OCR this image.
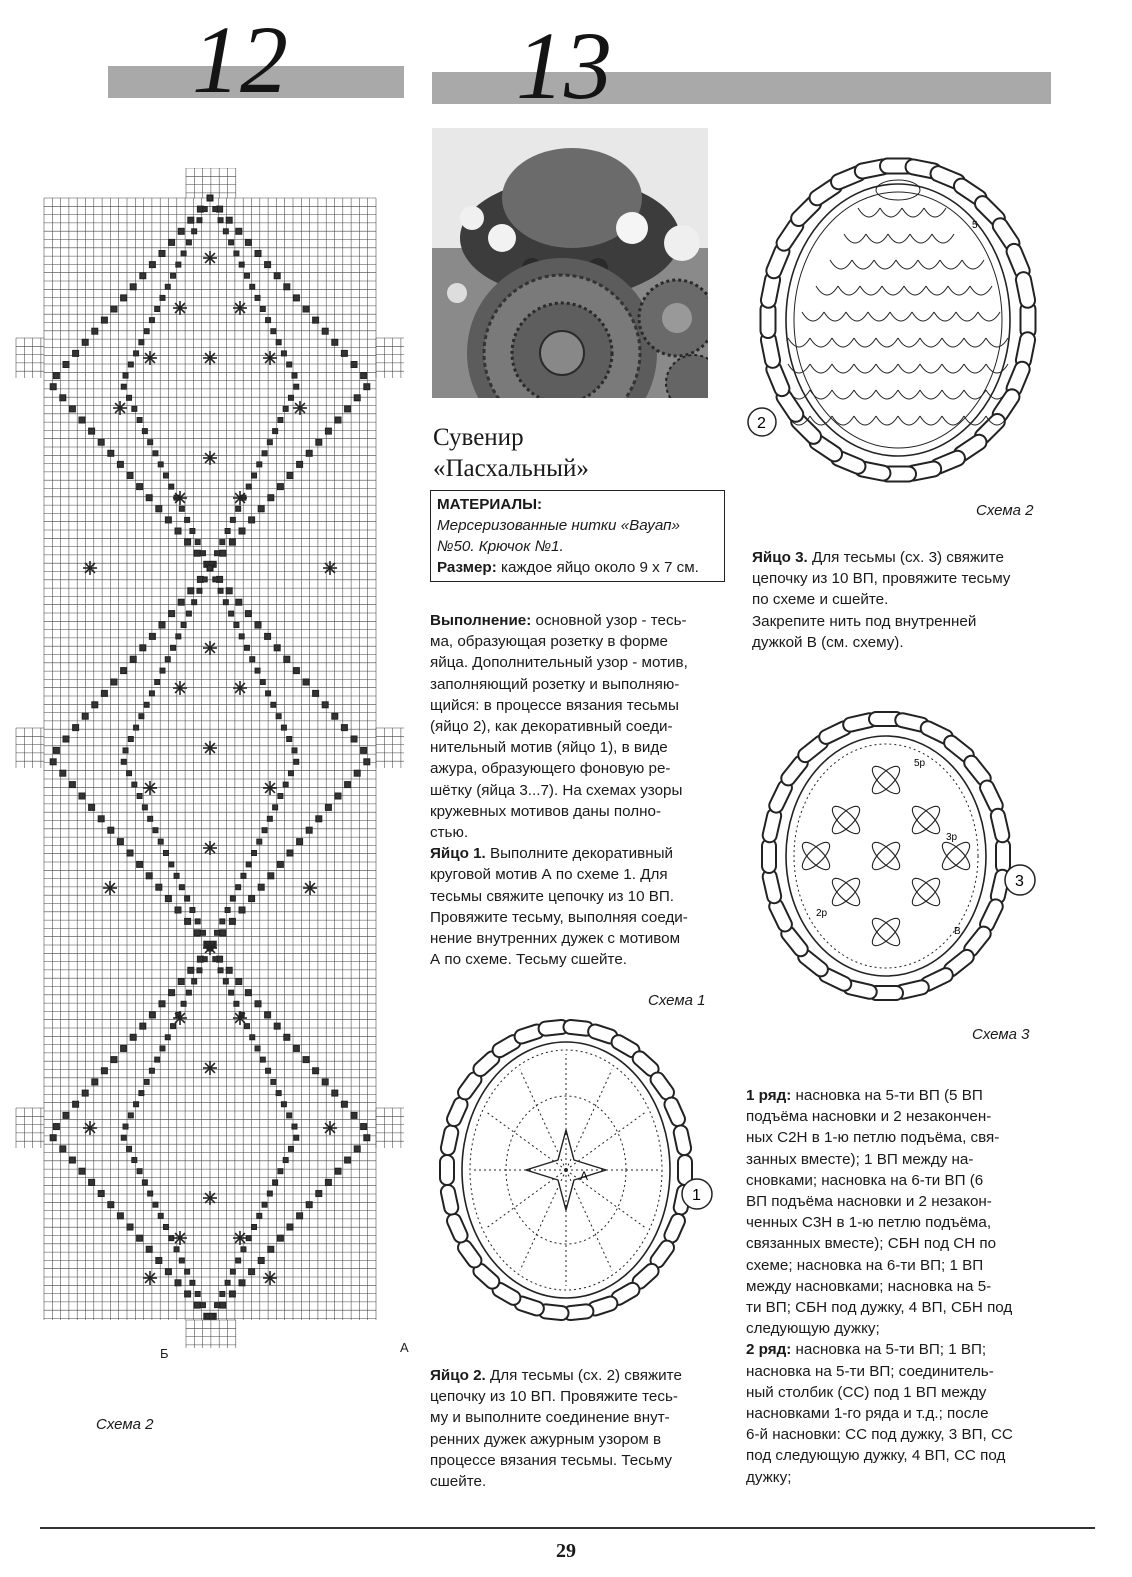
12 13
Б	А
Схема 2
Сувенир
«Пасхальный»
МАТЕРИАЛЫ:
Мерсеризованные нитки «Вауап»
№50. Крючок №1.
Размер: каждое яйцо около 9 х 7 см.

Выполнение: основной узор - тесь-

ма, образующая розетку в форме

яйца. Дополнительный узор - мотив,

заполняющий розетку и выполняю-

щийся: в процессе вязания тесьмы

(яйцо 2), как декоративный соеди-

нительный мотив (яйцо 1), в виде

ажура, образующего фоновую ре-

шётку (яйца 3...7). На схемах узоры

кружевных мотивов даны полно-

стью.

Яйцо 1. Выполните декоративный

круговой мотив А по схеме 1. Для

тесьмы свяжите цепочку из 10 ВП.

Провяжите тесьму, выполняя соеди-

нение внутренних дужек с мотивом

А по схеме. Тесьму сшейте.

Схема 1
1
А

Яйцо 2. Для тесьмы (сх. 2) свяжите

цепочку из 10 ВП. Провяжите тесь-

му и выполните соединение внут-

ренних дужек ажурным узором в

процессе вязания тесьмы. Тесьму

сшейте.

5
2
Схема 2

Яйцо 3. Для тесьмы (сх. 3) свяжите

цепочку из 10 ВП, провяжите тесьму

по схеме и сшейте.

Закрепите нить под внутренней

дужкой В (см. схему).

5р
3р
2р
В
3
Схема 3

1 ряд: насновка на 5-ти ВП (5 ВП

подъёма насновки и 2 незакончен-

ных С2Н в 1-ю петлю подъёма, свя-

занных вместе); 1 ВП между на-

сновками; насновка на 6-ти ВП (6

ВП подъёма насновки и 2 незакон-

ченных С3Н в 1-ю петлю подъёма,

связанных вместе); СБН под СН по

схеме; насновка на 6-ти ВП; 1 ВП

между насновками; насновка на 5-

ти ВП; СБН под дужку, 4 ВП, СБН под

следующую дужку;

2 ряд: насновка на 5-ти ВП; 1 ВП;

насновка на 5-ти ВП; соединитель-

ный столбик (СС) под 1 ВП между

насновками 1-го ряда и т.д.; после

6-й насновки: СС под дужку, 3 ВП, СС

под следующую дужку, 4 ВП, СС под

дужку;

29
